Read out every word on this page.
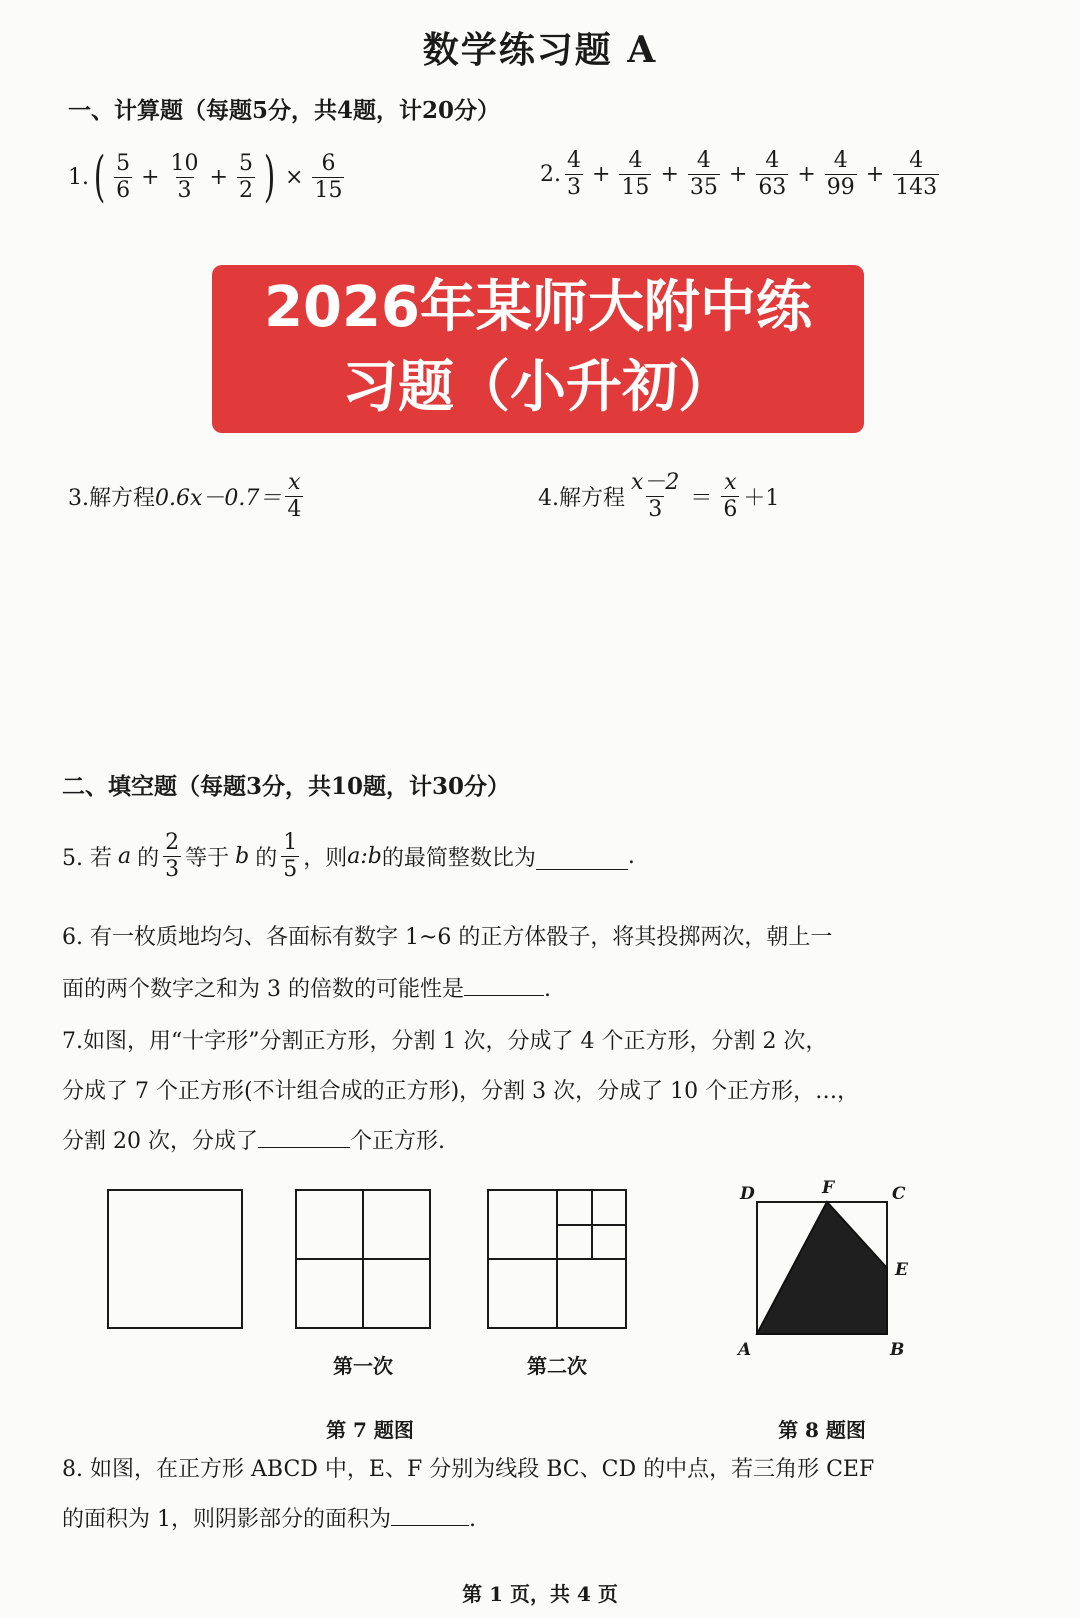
数学练习题 A
一、计算题（每题5分，共4题，计20分）
1. ( $\frac{5}{6} + \frac{10}{3} + \frac{5}{2}$ ) × $\frac{6}{15}$	2. $\frac{4}{3} + \frac{4}{15} + \frac{4}{35} + \frac{4}{63} + \frac{4}{99} + \frac{4}{143}$
2026年某师大附中练
习题（小升初）
3.解方程 $0.6x-0.7= \frac{x}{4}$	4.解方程 $\frac{x-2}{3} = \frac{x}{6} +1$
二、填空题（每题3分，共10题，计30分）
5. 若 a 的 $\frac{2}{3}$ 等于 b 的 $\frac{1}{5}$ ，则 a:b 的最简整数比为	.
6. 有一枚质地均匀、各面标有数字 1~6 的正方体骰子，将其投掷两次，朝上一
面的两个数字之和为 3 的倍数的可能性是	.
7.如图，用“十字形”分割正方形，分割 1 次，分成了 4 个正方形，分割 2 次，
分成了 7 个正方形(不计组合成的正方形)，分割 3 次，分成了 10 个正方形，…，
分割 20 次，分成了	个正方形.
D	F	C
E
A	B
第一次	第二次
第 7 题图	第 8 题图
8. 如图，在正方形 ABCD 中，E、F 分别为线段 BC、CD 的中点，若三角形 CEF
的面积为 1，则阴影部分的面积为	.
第 1 页，共 4 页
